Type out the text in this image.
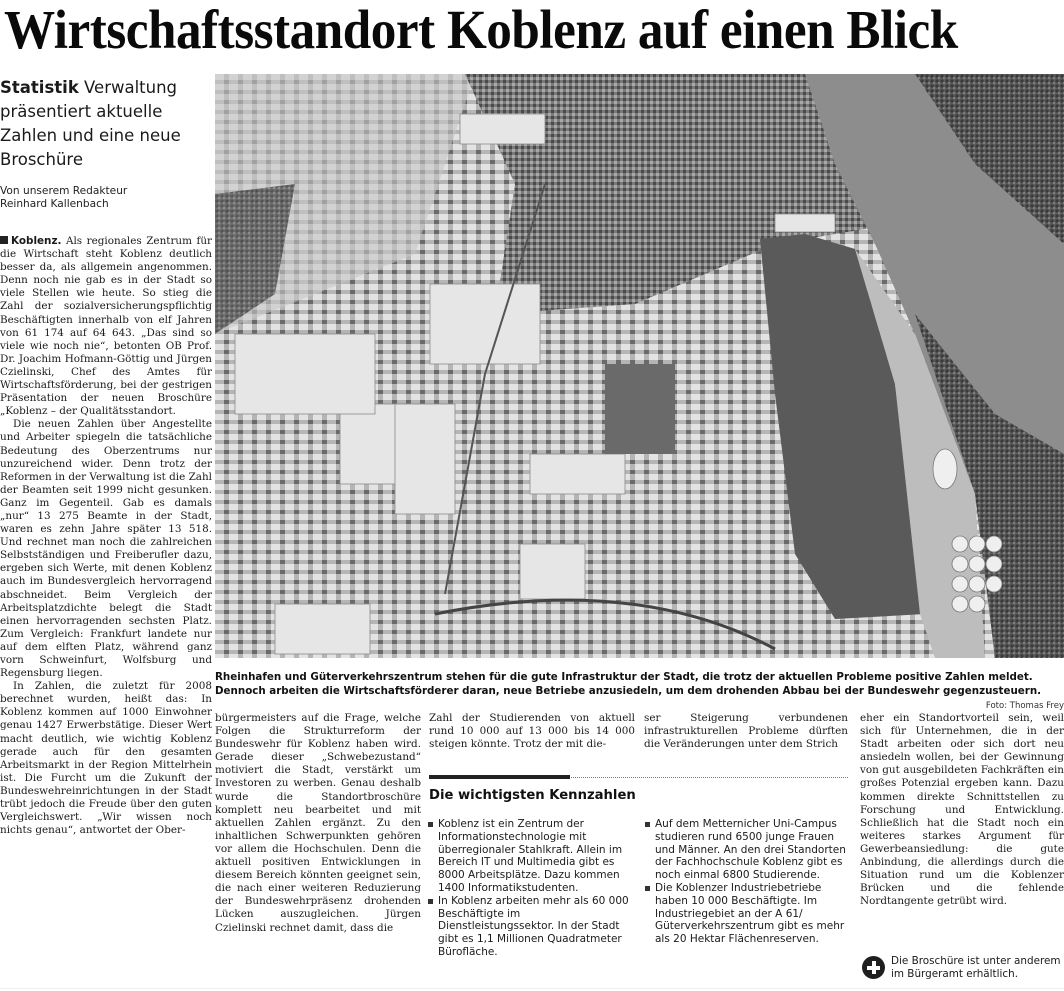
Wirtschaftsstandort Koblenz auf einen Blick
Statistik Verwaltung präsentiert aktuelle Zahlen und eine neue Broschüre
Von unserem Redakteur
Reinhard Kallenbach

Koblenz. Als regionales Zentrum für die Wirtschaft steht Koblenz deutlich besser da, als allgemein angenommen. Denn noch nie gab es in der Stadt so viele Stellen wie heute. So stieg die Zahl der sozialversicherungspflichtig Beschäftigten innerhalb von elf Jahren von 61 174 auf 64 643. „Das sind so viele wie noch nie“, betonten OB Prof. Dr. Joachim Hofmann-Göttig und Jürgen Czielinski, Chef des Amtes für Wirtschaftsförderung, bei der gestrigen Präsentation der neuen Broschüre „Koblenz – der Qualitätsstandort.

Die neuen Zahlen über Angestellte und Arbeiter spiegeln die tatsächliche Bedeutung des Oberzentrums nur unzureichend wider. Denn trotz der Reformen in der Verwaltung ist die Zahl der Beamten seit 1999 nicht gesunken. Ganz im Gegenteil. Gab es damals „nur“ 13 275 Beamte in der Stadt, waren es zehn Jahre später 13 518. Und rechnet man noch die zahlreichen Selbstständigen und Freiberufler dazu, ergeben sich Werte, mit denen Koblenz auch im Bundesvergleich hervorragend abschneidet. Beim Vergleich der Arbeitsplatzdichte belegt die Stadt einen hervorragenden sechsten Platz. Zum Vergleich: Frankfurt landete nur auf dem elften Platz, während ganz vorn Schweinfurt, Wolfsburg und Regensburg liegen.

In Zahlen, die zuletzt für 2008 berechnet wurden, heißt das: In Koblenz kommen auf 1000 Einwohner genau 1427 Erwerbstätige. Dieser Wert macht deutlich, wie wichtig Koblenz gerade auch für den gesamten Arbeitsmarkt in der Region Mittelrhein ist. Die Furcht um die Zukunft der Bundeswehreinrichtungen in der Stadt trübt jedoch die Freude über den guten Vergleichswert. „Wir wissen noch nichts genau“, antwortet der Ober-

Rheinhafen und Güterverkehrszentrum stehen für die gute Infrastruktur der Stadt, die trotz der aktuellen Probleme positive Zahlen meldet. Dennoch arbeiten die Wirtschaftsförderer daran, neue Betriebe anzusiedeln, um dem drohenden Abbau bei der Bundeswehr gegenzusteuern.
Foto: Thomas Frey

bürgermeisters auf die Frage, welche Folgen die Strukturreform der Bundeswehr für Koblenz haben wird. Gerade dieser „Schwebezustand“ motiviert die Stadt, verstärkt um Investoren zu werben. Genau deshalb wurde die Standortbroschüre komplett neu bearbeitet und mit aktuellen Zahlen ergänzt. Zu den inhaltlichen Schwerpunkten gehören vor allem die Hochschulen. Denn die aktuell positiven Entwicklungen in diesem Bereich könnten geeignet sein, die nach einer weiteren Reduzierung der Bundeswehrpräsenz drohenden Lücken auszugleichen. Jürgen Czielinski rechnet damit, dass die

Zahl der Studierenden von aktuell rund 10 000 auf 13 000 bis 14 000 steigen könnte. Trotz der mit die-

ser Steigerung verbundenen infrastrukturellen Probleme dürften die Veränderungen unter dem Strich

eher ein Standortvorteil sein, weil sich für Unternehmen, die in der Stadt arbeiten oder sich dort neu ansiedeln wollen, bei der Gewinnung von gut ausgebildeten Fachkräften ein großes Potenzial ergeben kann. Dazu kommen direkte Schnittstellen zu Forschung und Entwicklung. Schließlich hat die Stadt noch ein weiteres starkes Argument für Gewerbeansiedlung: die gute Anbindung, die allerdings durch die Situation rund um die Koblenzer Brücken und die fehlende Nordtangente getrübt wird.

Die wichtigsten Kennzahlen
Koblenz ist ein Zentrum der Informationstechnologie mit überregionaler Stahlkraft. Allein im Bereich IT und Multimedia gibt es 8000 Arbeitsplätze. Dazu kommen 1400 Informatikstudenten.
In Koblenz arbeiten mehr als 60 000 Beschäftigte im Dienstleistungssektor. In der Stadt gibt es 1,1 Millionen Quadratmeter Bürofläche.
Auf dem Metternicher Uni-Campus studieren rund 6500 junge Frauen und Männer. An den drei Standorten der Fachhochschule Koblenz gibt es noch einmal 6800 Studierende.
Die Koblenzer Industriebetriebe haben 10 000 Beschäftigte. Im Industriegebiet an der A 61/ Güterverkehrszentrum gibt es mehr als 20 Hektar Flächenreserven.
Die Broschüre ist unter anderem im Bürgeramt erhältlich.
